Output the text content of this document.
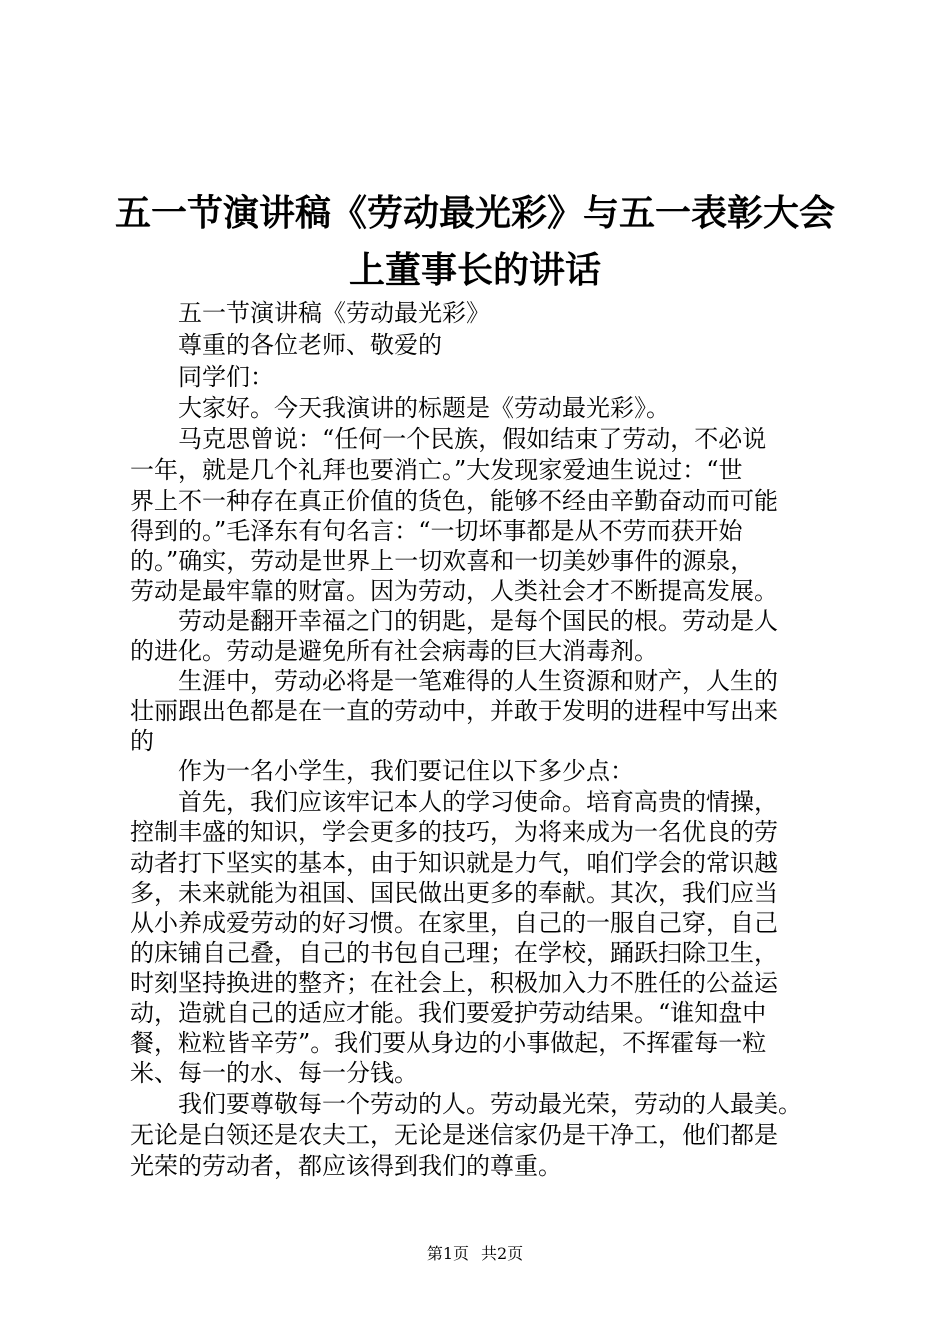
五一节演讲稿《劳动最光彩》与五一表彰大会
上董事长的讲话
五一节演讲稿《劳动最光彩》
尊重的各位老师、敬爱的
同学们：
大家好。今天我演讲的标题是《劳动最光彩》。
马克思曾说：“任何一个民族，假如结束了劳动，不必说
一年，就是几个礼拜也要消亡。”大发现家爱迪生说过：“世
界上不一种存在真正价值的货色，能够不经由辛勤奋动而可能
得到的。”毛泽东有句名言：“一切坏事都是从不劳而获开始
的。”确实，劳动是世界上一切欢喜和一切美妙事件的源泉，
劳动是最牢靠的财富。因为劳动，人类社会才不断提高发展。
劳动是翻开幸福之门的钥匙，是每个国民的根。劳动是人
的进化。劳动是避免所有社会病毒的巨大消毒剂。
生涯中，劳动必将是一笔难得的人生资源和财产，人生的
壮丽跟出色都是在一直的劳动中，并敢于发明的进程中写出来
的
作为一名小学生，我们要记住以下多少点：
首先，我们应该牢记本人的学习使命。培育高贵的情操，
控制丰盛的知识，学会更多的技巧，为将来成为一名优良的劳
动者打下坚实的基本，由于知识就是力气，咱们学会的常识越
多，未来就能为祖国、国民做出更多的奉献。其次，我们应当
从小养成爱劳动的好习惯。在家里，自己的一服自己穿，自己
的床铺自己叠，自己的书包自己理；在学校，踊跃扫除卫生，
时刻坚持换进的整齐；在社会上，积极加入力不胜任的公益运
动，造就自己的适应才能。我们要爱护劳动结果。“谁知盘中
餐，粒粒皆辛劳”。我们要从身边的小事做起，不挥霍每一粒
米、每一的水、每一分钱。
我们要尊敬每一个劳动的人。劳动最光荣，劳动的人最美。
无论是白领还是农夫工，无论是迷信家仍是干净工，他们都是
光荣的劳动者，都应该得到我们的尊重。
第1页 共2页
